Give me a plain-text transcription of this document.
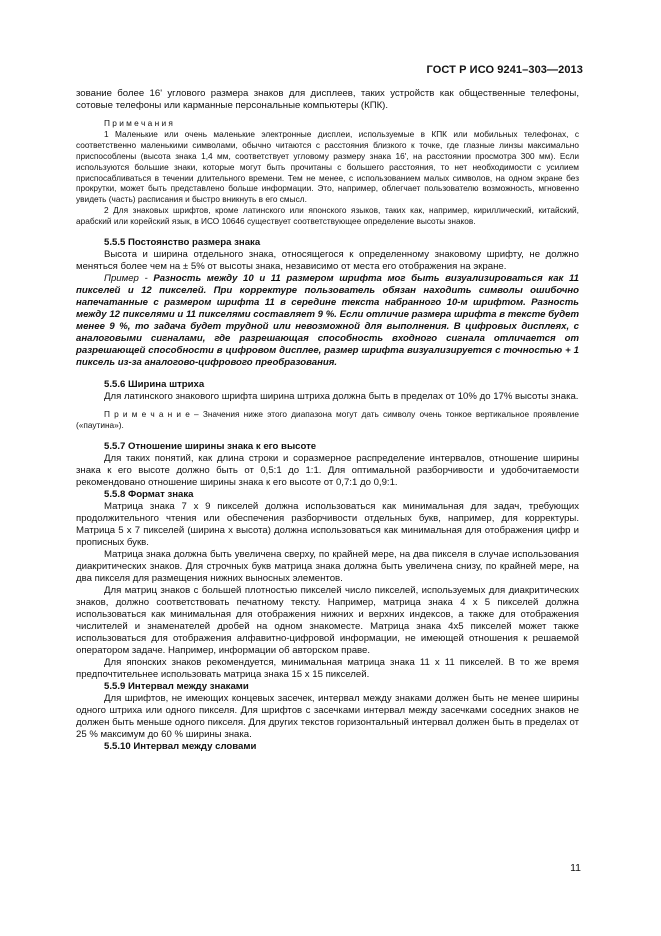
ГОСТ Р ИСО 9241–303—2013

зование более 16' углового размера знаков для дисплеев, таких устройств как общественные телефоны, сотовые телефоны или карманные персональные компьютеры (КПК).

П р и м е ч а н и я

1 Маленькие или очень маленькие электронные дисплеи, используемые в КПК или мобильных телефонах, с соответственно маленькими символами, обычно читаются с расстояния близкого к точке, где глазные линзы максимально приспособлены (высота знака 1,4 мм, соответствует угловому размеру знака 16', на расстоянии просмотра 300 мм). Если используются большие знаки, которые могут быть прочитаны с большего расстояния, то нет необходимости с усилием приспосабливаться в течении длительного времени. Тем не менее, с использованием малых символов, на одном экране без прокрутки, может быть представлено больше информации. Это, например, облегчает пользователю возможность, мгновенно увидеть (часть) расписания и быстро вникнуть в его смысл.

2 Для знаковых шрифтов, кроме латинского или японского языков, таких как, например, кириллический, китайский, арабский или корейский язык, в ИСО 10646 существует соответствующее определение высоты знаков.

5.5.5 Постоянство размера знака

Высота и ширина отдельного знака, относящегося к определенному знаковому шрифту, не должно меняться более чем на ± 5% от высоты знака, независимо от места его отображения на экране.

Пример - Разность между 10 и 11 размером шрифта мог быть визуализироваться как 11 пикселей и 12 пикселей. При корректуре пользователь обязан находить символы ошибочно напечатанные с размером шрифта 11 в середине текста набранного 10-м шрифтом. Разность между 12 пикселями и 11 пикселями составляет 9 %. Если отличие размера шрифта в тексте будет менее 9 %, то задача будет трудной или невозможной для выполнения. В цифровых дисплеях, с аналоговыми сигналами, где разрешающая способность входного сигнала отличается от разрешающей способности в цифровом дисплее, размер шрифта визуализируется с точностью + 1 пиксель из-за аналогово-цифрового преобразования.

5.5.6 Ширина штриха

Для латинского знакового шрифта ширина штриха должна быть в пределах от 10% до 17% высоты знака.

П р и м е ч а н и е – Значения ниже этого диапазона могут дать символу очень тонкое вертикальное проявление («паутина»).

5.5.7 Отношение ширины знака к его высоте

Для таких понятий, как длина строки и соразмерное распределение интервалов, отношение ширины знака к его высоте должно быть от 0,5:1 до 1:1. Для оптимальной разборчивости и удобочитаемости рекомендовано отношение ширины знака к его высоте от 0,7:1 до 0,9:1.

5.5.8 Формат знака

Матрица знака 7 х 9 пикселей должна использоваться как минимальная для задач, требующих продолжительного чтения или обеспечения разборчивости отдельных букв, например, для корректуры. Матрица 5 х 7 пикселей (ширина х высота) должна использоваться как минимальная для отображения цифр и прописных букв.

Матрица знака должна быть увеличена сверху, по крайней мере, на два пикселя в случае использования диакритических знаков. Для строчных букв матрица знака должна быть увеличена снизу, по крайней мере, на два пикселя для размещения нижних выносных элементов.

Для матриц знаков с большей плотностью пикселей число пикселей, используемых для диакритических знаков, должно соответствовать печатному тексту. Например, матрица знака 4 х 5 пикселей должна использоваться как минимальная для отображения нижних и верхних индексов, а также для отображения числителей и знаменателей дробей на одном знакоместе. Матрица знака 4х5 пикселей может также использоваться для отображения алфавитно-цифровой информации, не имеющей отношения к решаемой оператором задаче. Например, информации об авторском праве.

Для японских знаков рекомендуется, минимальная матрица знака 11 х 11 пикселей. В то же время предпочтительнее использовать матрица знака 15 х 15 пикселей.

5.5.9 Интервал между знаками

Для шрифтов, не имеющих концевых засечек, интервал между знаками должен быть не менее ширины одного штриха или одного пикселя. Для шрифтов с засечками интервал между засечками соседних знаков не должен быть меньше одного пикселя. Для других текстов горизонтальный интервал должен быть в пределах от 25 % максимум до 60 % ширины знака.

5.5.10 Интервал между словами

11
